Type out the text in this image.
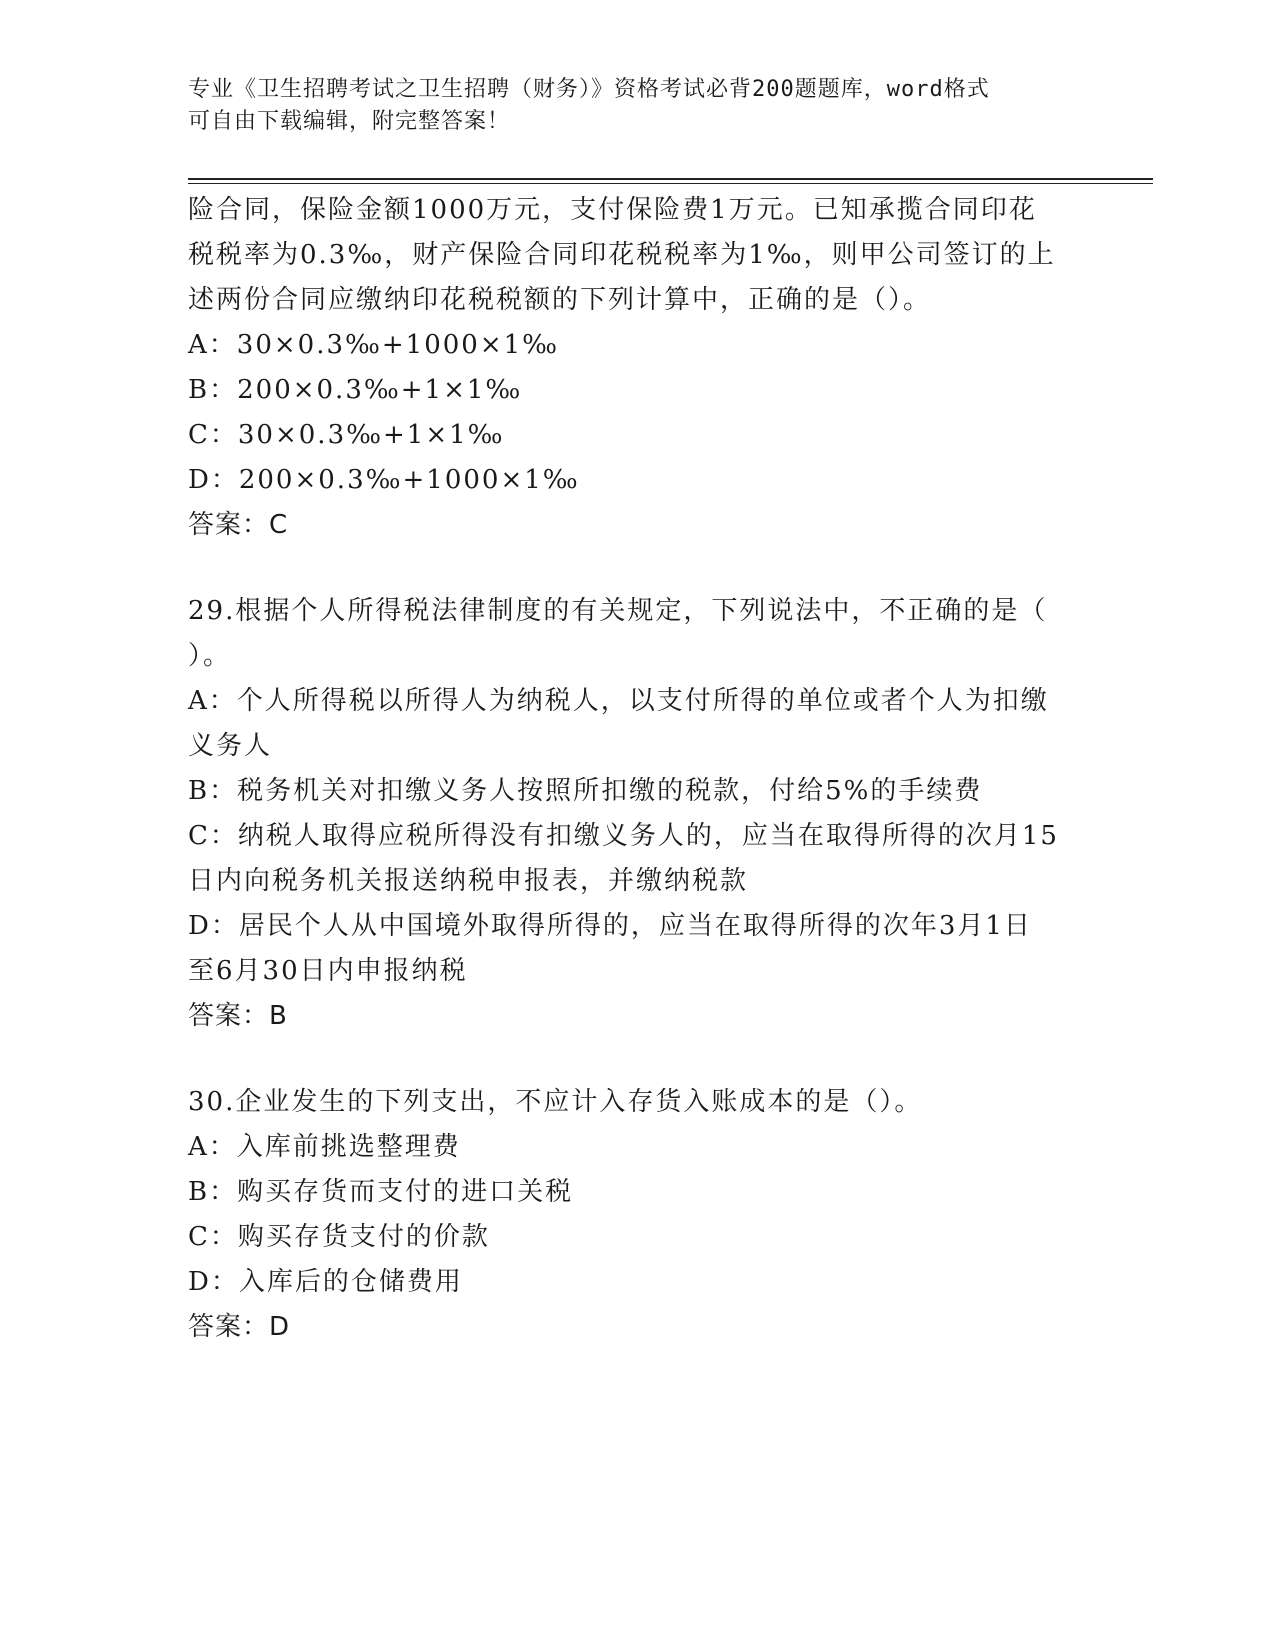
专业《卫生招聘考试之卫生招聘（财务）》资格考试必背200题题库，word格式
可自由下载编辑，附完整答案！
险合同，保险金额1000万元，支付保险费1万元。已知承揽合同印花
税税率为0.3‰，财产保险合同印花税税率为1‰，则甲公司签订的上
述两份合同应缴纳印花税税额的下列计算中，正确的是（）。
A：30×0.3‰+1000×1‰
B：200×0.3‰+1×1‰
C：30×0.3‰+1×1‰
D：200×0.3‰+1000×1‰
答案：C
29.根据个人所得税法律制度的有关规定，下列说法中，不正确的是（
）。
A：个人所得税以所得人为纳税人，以支付所得的单位或者个人为扣缴
义务人
B：税务机关对扣缴义务人按照所扣缴的税款，付给5%的手续费
C：纳税人取得应税所得没有扣缴义务人的，应当在取得所得的次月15
日内向税务机关报送纳税申报表，并缴纳税款
D：居民个人从中国境外取得所得的，应当在取得所得的次年3月1日
至6月30日内申报纳税
答案：B
30.企业发生的下列支出，不应计入存货入账成本的是（）。
A：入库前挑选整理费
B：购买存货而支付的进口关税
C：购买存货支付的价款
D：入库后的仓储费用
答案：D
